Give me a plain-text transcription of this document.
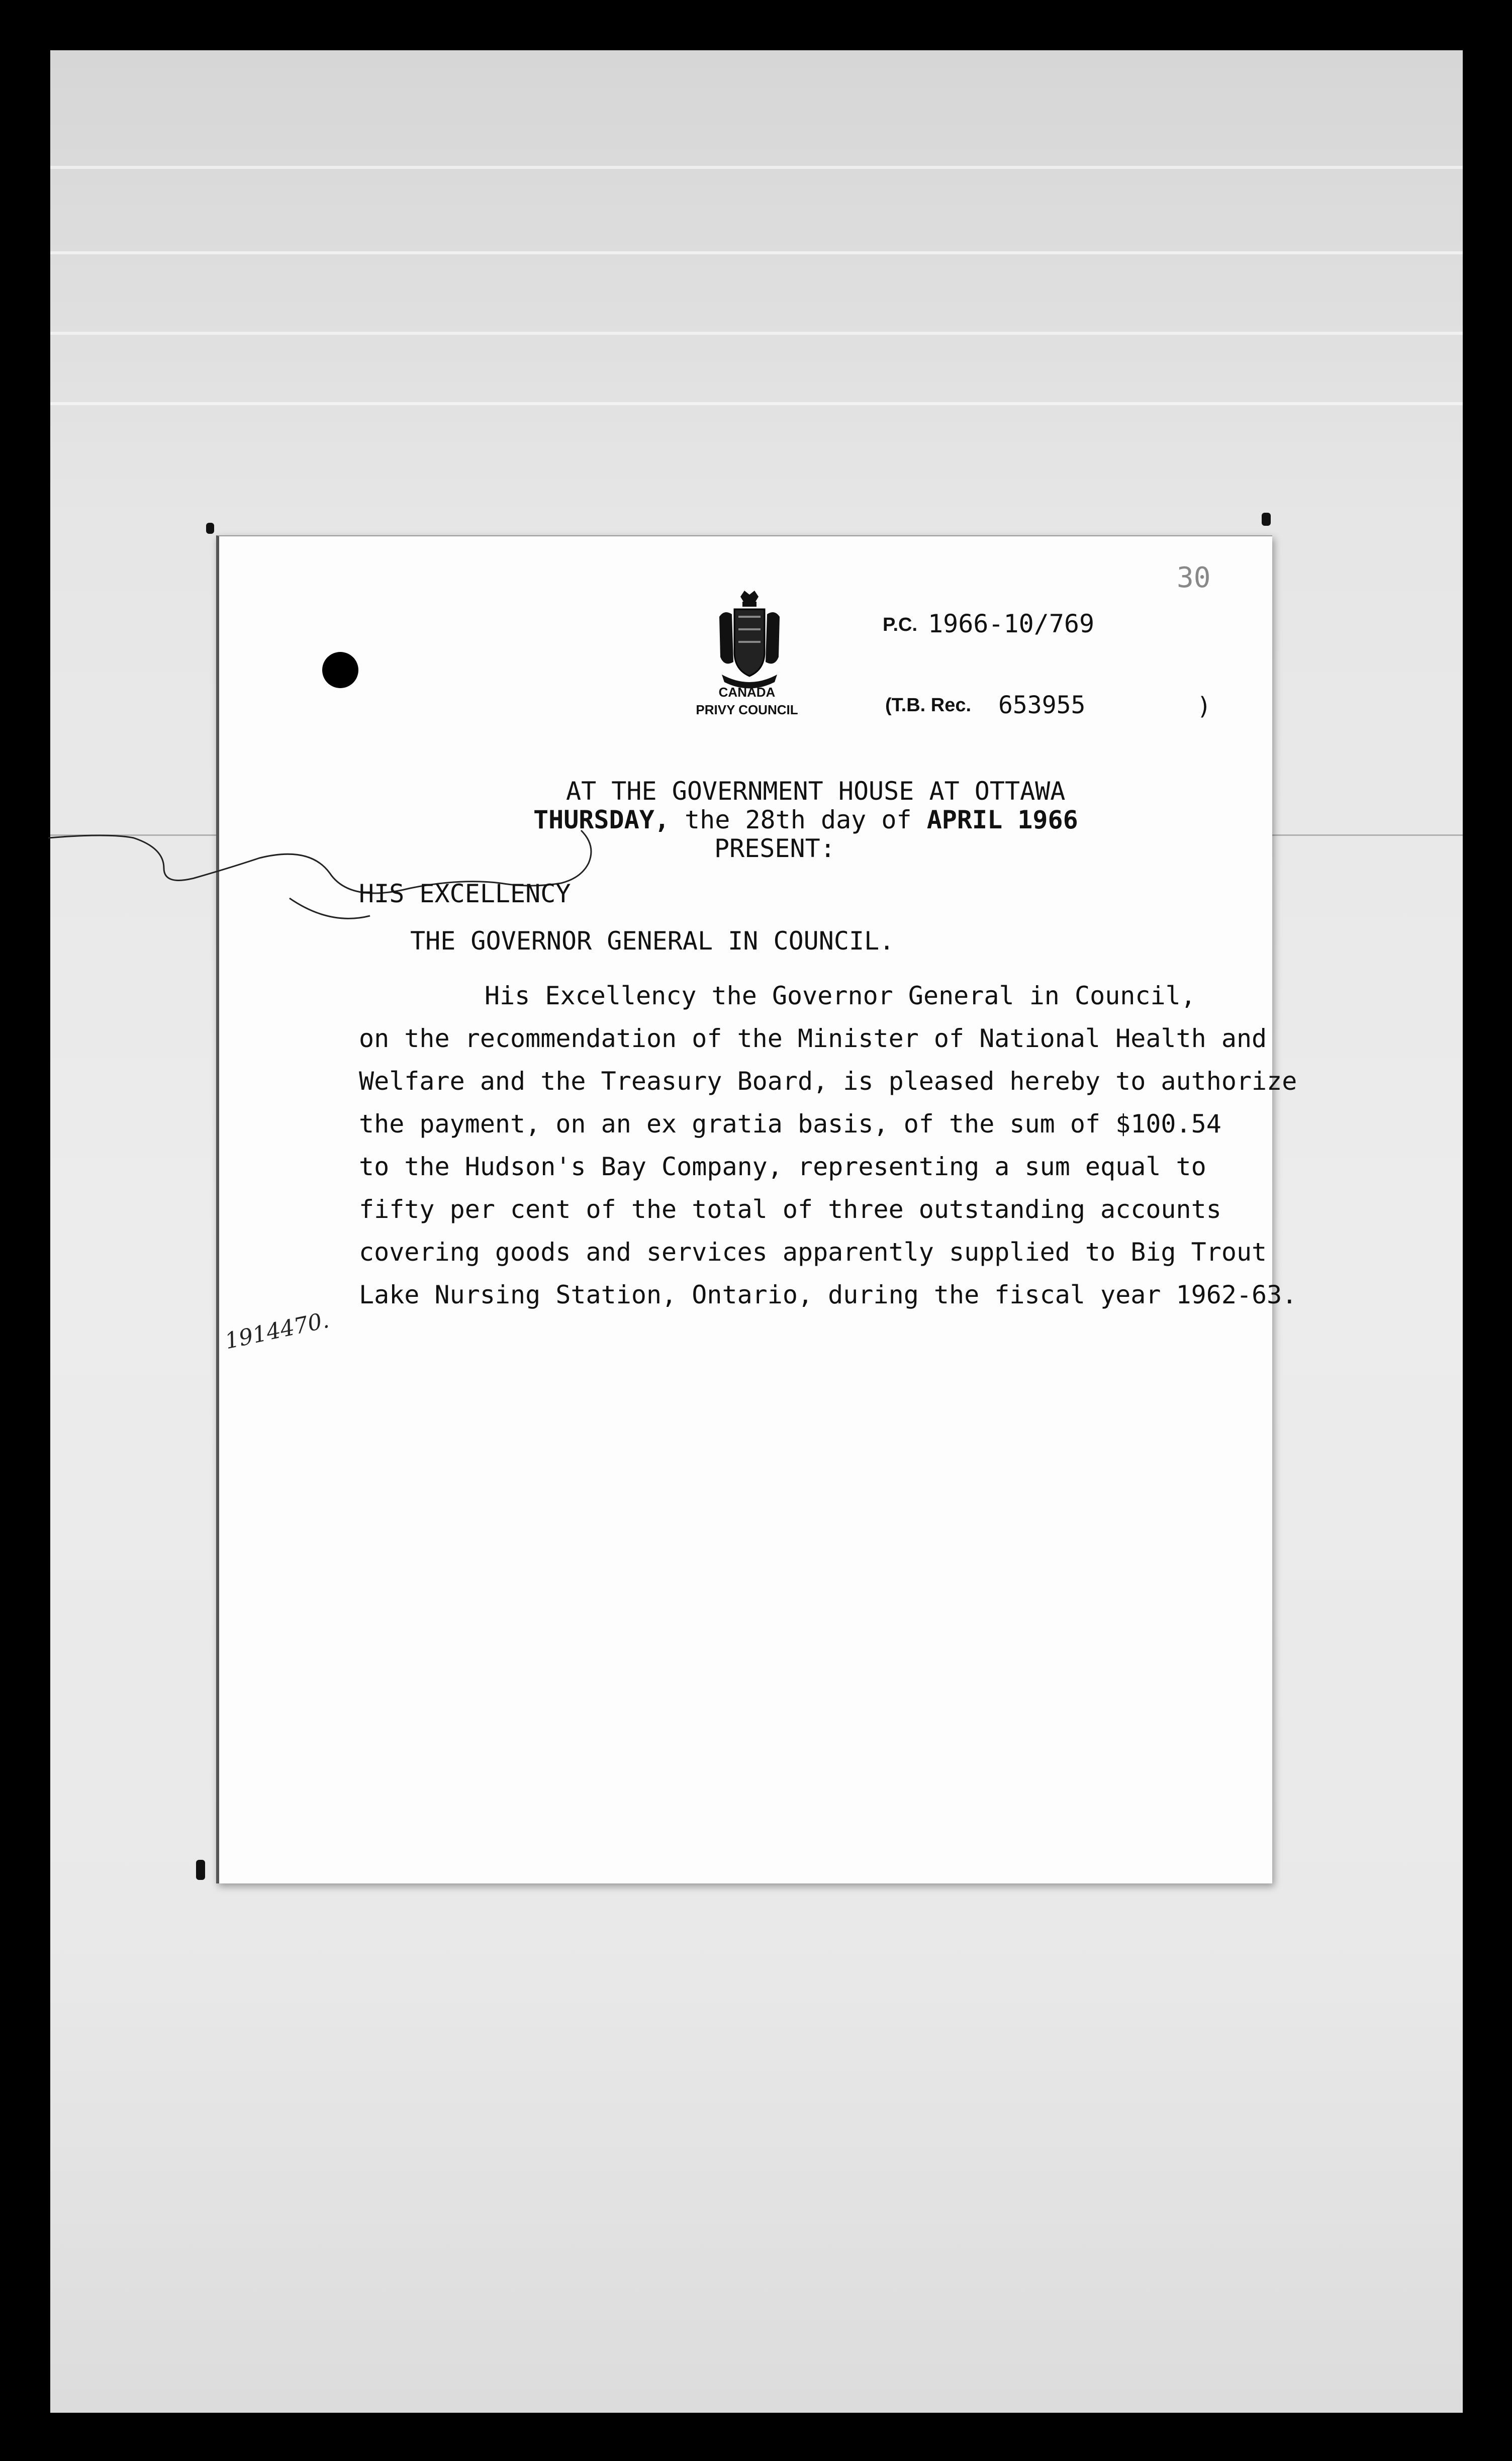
30
CANADA
PRIVY COUNCIL
P.C. 1966-10/769
(T.B. Rec. 653955	)
AT THE GOVERNMENT HOUSE AT OTTAWA
THURSDAY, the 28th day of APRIL 1966
PRESENT:
HIS EXCELLENCY
THE GOVERNOR GENERAL IN COUNCIL.
His Excellency the Governor General in Council,
on the recommendation of the Minister of National Health and
Welfare and the Treasury Board, is pleased hereby to authorize
the payment, on an ex gratia basis, of the sum of $100.54
to the Hudson's Bay Company, representing a sum equal to
fifty per cent of the total of three outstanding accounts
covering goods and services apparently supplied to Big Trout
Lake Nursing Station, Ontario, during the fiscal year 1962-63.
1914470.
